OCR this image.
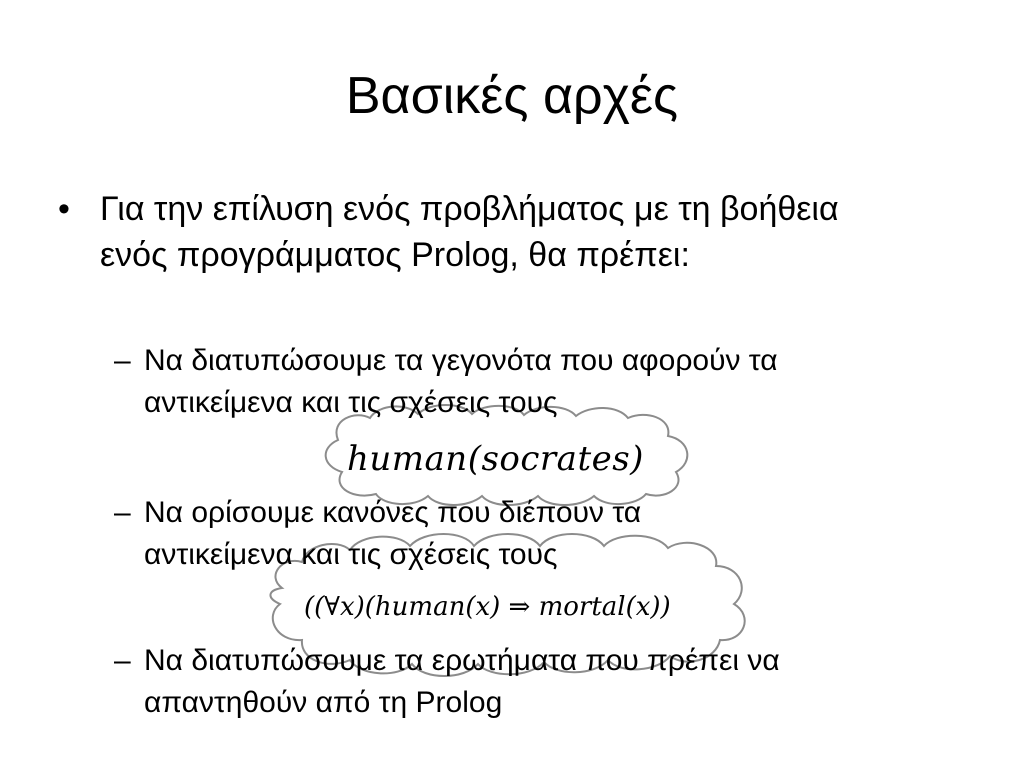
Βασικές αρχές
• Για την επίλυση ενός προβλήματος με τη βοήθεια ενός προγράμματος Prolog, θα πρέπει:
human(socrates)
((∀x)(human(x) ⇒ mortal(x))
– Να διατυπώσουμε τα γεγονότα που αφορούν τα
αντικείμενα και τις σχέσεις τους
– Να ορίσουμε κανόνες που διέπουν τα
αντικείμενα και τις σχέσεις τους
– Να διατυπώσουμε τα ερωτήματα που πρέπει να
απαντηθούν από τη Prolog
